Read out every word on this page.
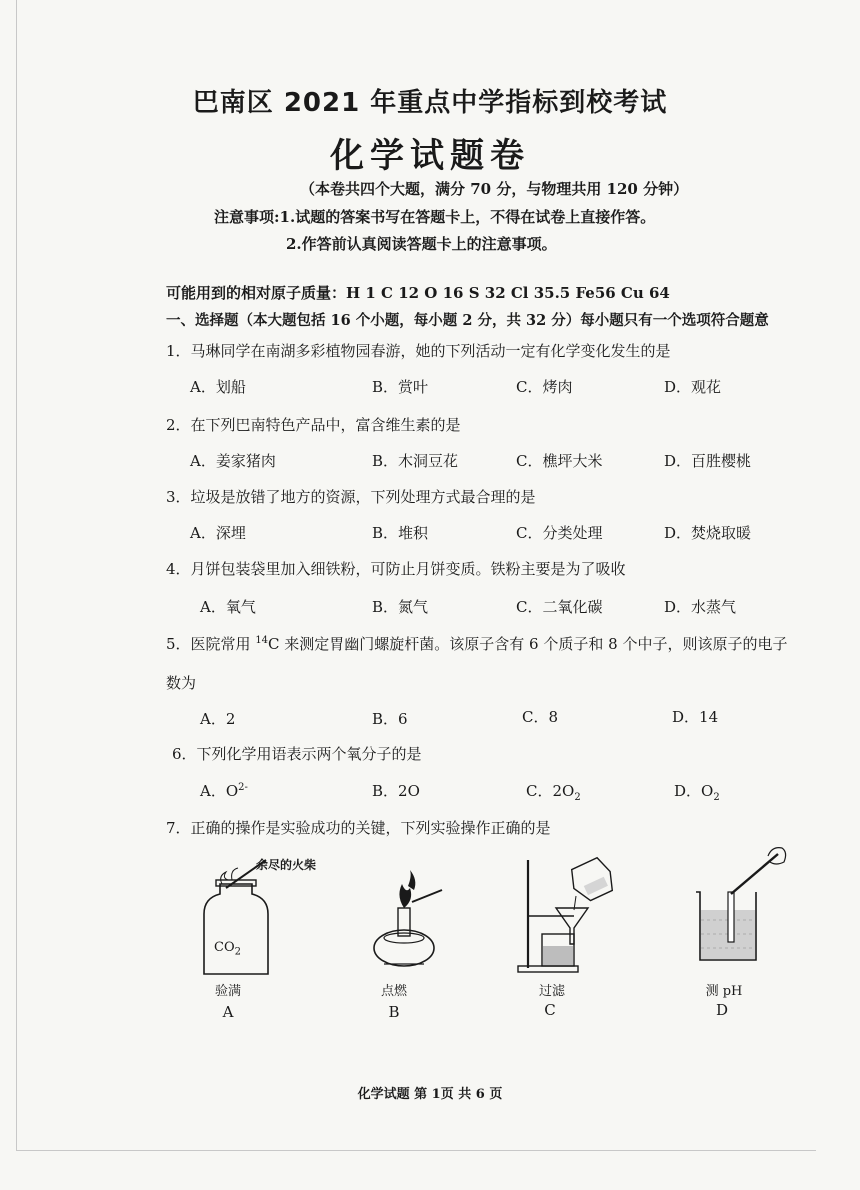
巴南区 2021 年重点中学指标到校考试
化学试题卷
（本卷共四个大题，满分 70 分，与物理共用 120 分钟）
注意事项:1.试题的答案书写在答题卡上，不得在试卷上直接作答。
2.作答前认真阅读答题卡上的注意事项。
可能用到的相对原子质量：H 1 C 12 O 16 S 32 Cl 35.5 Fe56 Cu 64
一、选择题（本大题包括 16 个小题，每小题 2 分，共 32 分）每小题只有一个选项符合题意
1．马琳同学在南湖多彩植物园春游，她的下列活动一定有化学变化发生的是
A．划船	B．赏叶	C．烤肉	D．观花
2．在下列巴南特色产品中，富含维生素的是
A．姜家猪肉	B．木洞豆花	C．樵坪大米	D．百胜樱桃
3．垃圾是放错了地方的资源，下列处理方式最合理的是
A．深埋	B．堆积	C．分类处理	D．焚烧取暖
4．月饼包装袋里加入细铁粉，可防止月饼变质。铁粉主要是为了吸收
A．氧气	B．氮气	C．二氧化碳	D．水蒸气
5．医院常用 $^{14}$C 来测定胃幽门螺旋杆菌。该原子含有 6 个质子和 8 个中子，则该原子的电子
数为
A．2	B．6	C．8	D．14
6．下列化学用语表示两个氧分子的是
A．$O^{2-}$	B．2O	C．$2O_2$	D．$O_2$
7．正确的操作是实验成功的关键，下列实验操作正确的是
余尽的火柴
$CO_2$
验满	点燃	过滤	测 pH
A	B	C	D
化学试题 第 1页 共 6 页
